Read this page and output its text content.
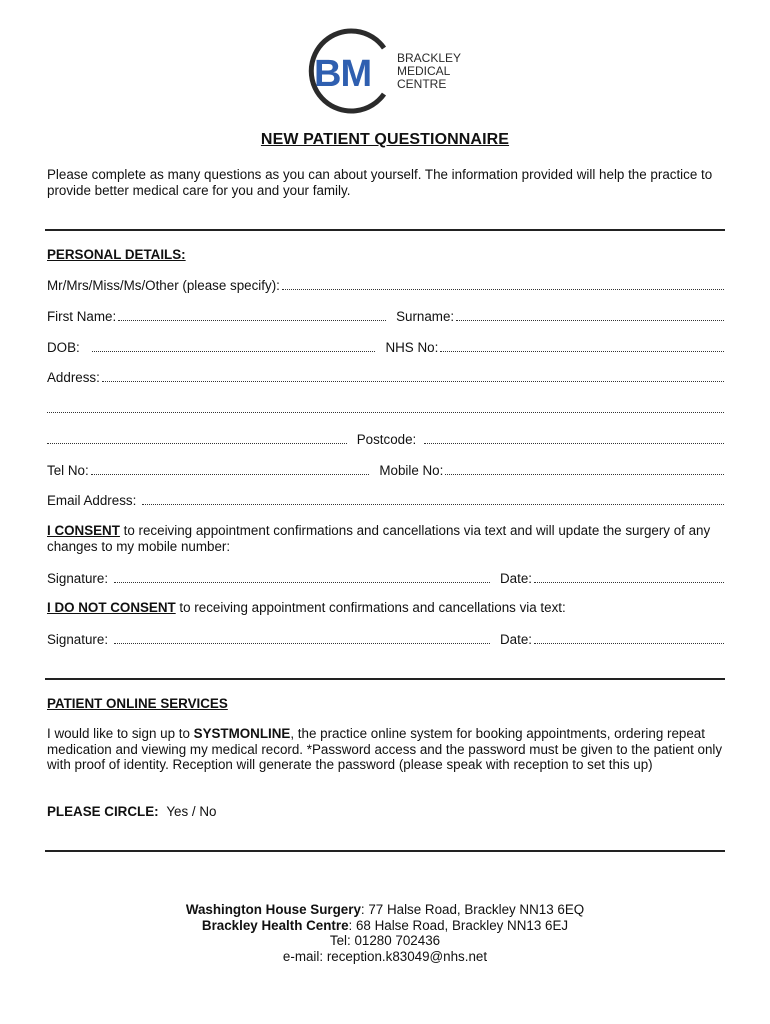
BM BRACKLEY
MEDICAL
CENTRE
NEW PATIENT QUESTIONNAIRE
Please complete as many questions as you can about yourself. The information provided will help the practice to provide better medical care for you and your family.
PERSONAL DETAILS:
Mr/Mrs/Miss/Ms/Other (please specify):
First Name:	Surname:
DOB:	NHS No:
Address:
Postcode:
Tel No:	Mobile No:
Email Address:
I CONSENT to receiving appointment confirmations and cancellations via text and will update the surgery of any changes to my mobile number:
Signature:	Date:
I DO NOT CONSENT to receiving appointment confirmations and cancellations via text:
Signature:	Date:
PATIENT ONLINE SERVICES
I would like to sign up to SYSTMONLINE, the practice online system for booking appointments, ordering repeat medication and viewing my medical record. *Password access and the password must be given to the patient only with proof of identity. Reception will generate the password (please speak with reception to set this up)
PLEASE CIRCLE: Yes / No
Washington House Surgery: 77 Halse Road, Brackley NN13 6EQ
Brackley Health Centre: 68 Halse Road, Brackley NN13 6EJ
Tel: 01280 702436
e-mail: reception.k83049@nhs.net
